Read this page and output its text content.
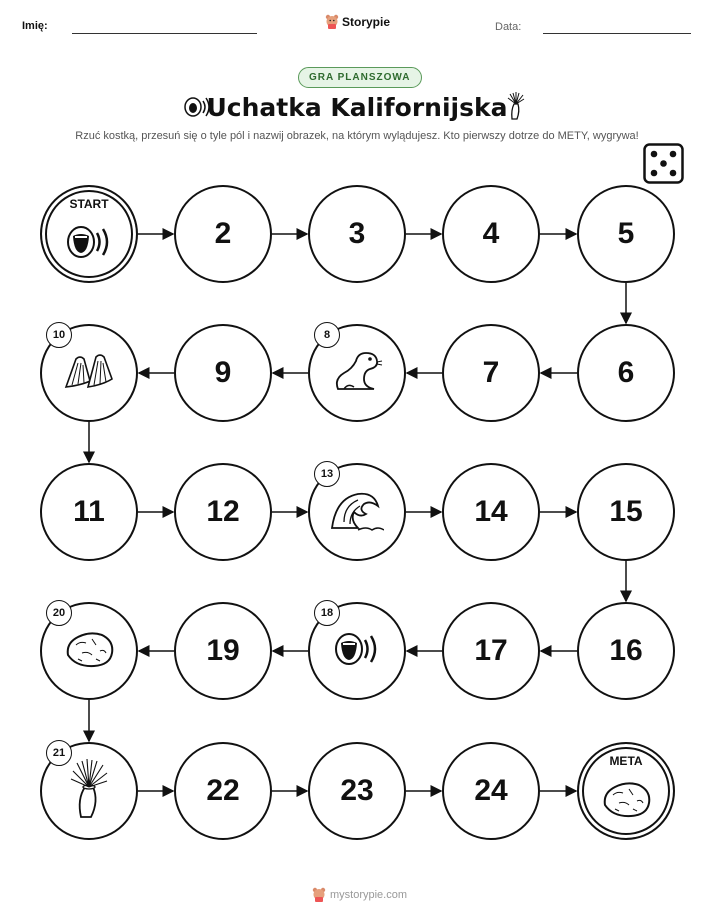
Imię:	Storypie	Data:
GRA PLANSZOWA
Uchatka Kalifornijska
Rzuć kostką, przesuń się o tyle pól i nazwij obrazek, na którym wylądujesz. Kto pierwszy dotrze do METY, wygrywa!
START
2	3	4	5
6
7
8
9
10
11	12
13
14	15
16
17
18
19
20
21
22	23	24
META
mystorypie.com
